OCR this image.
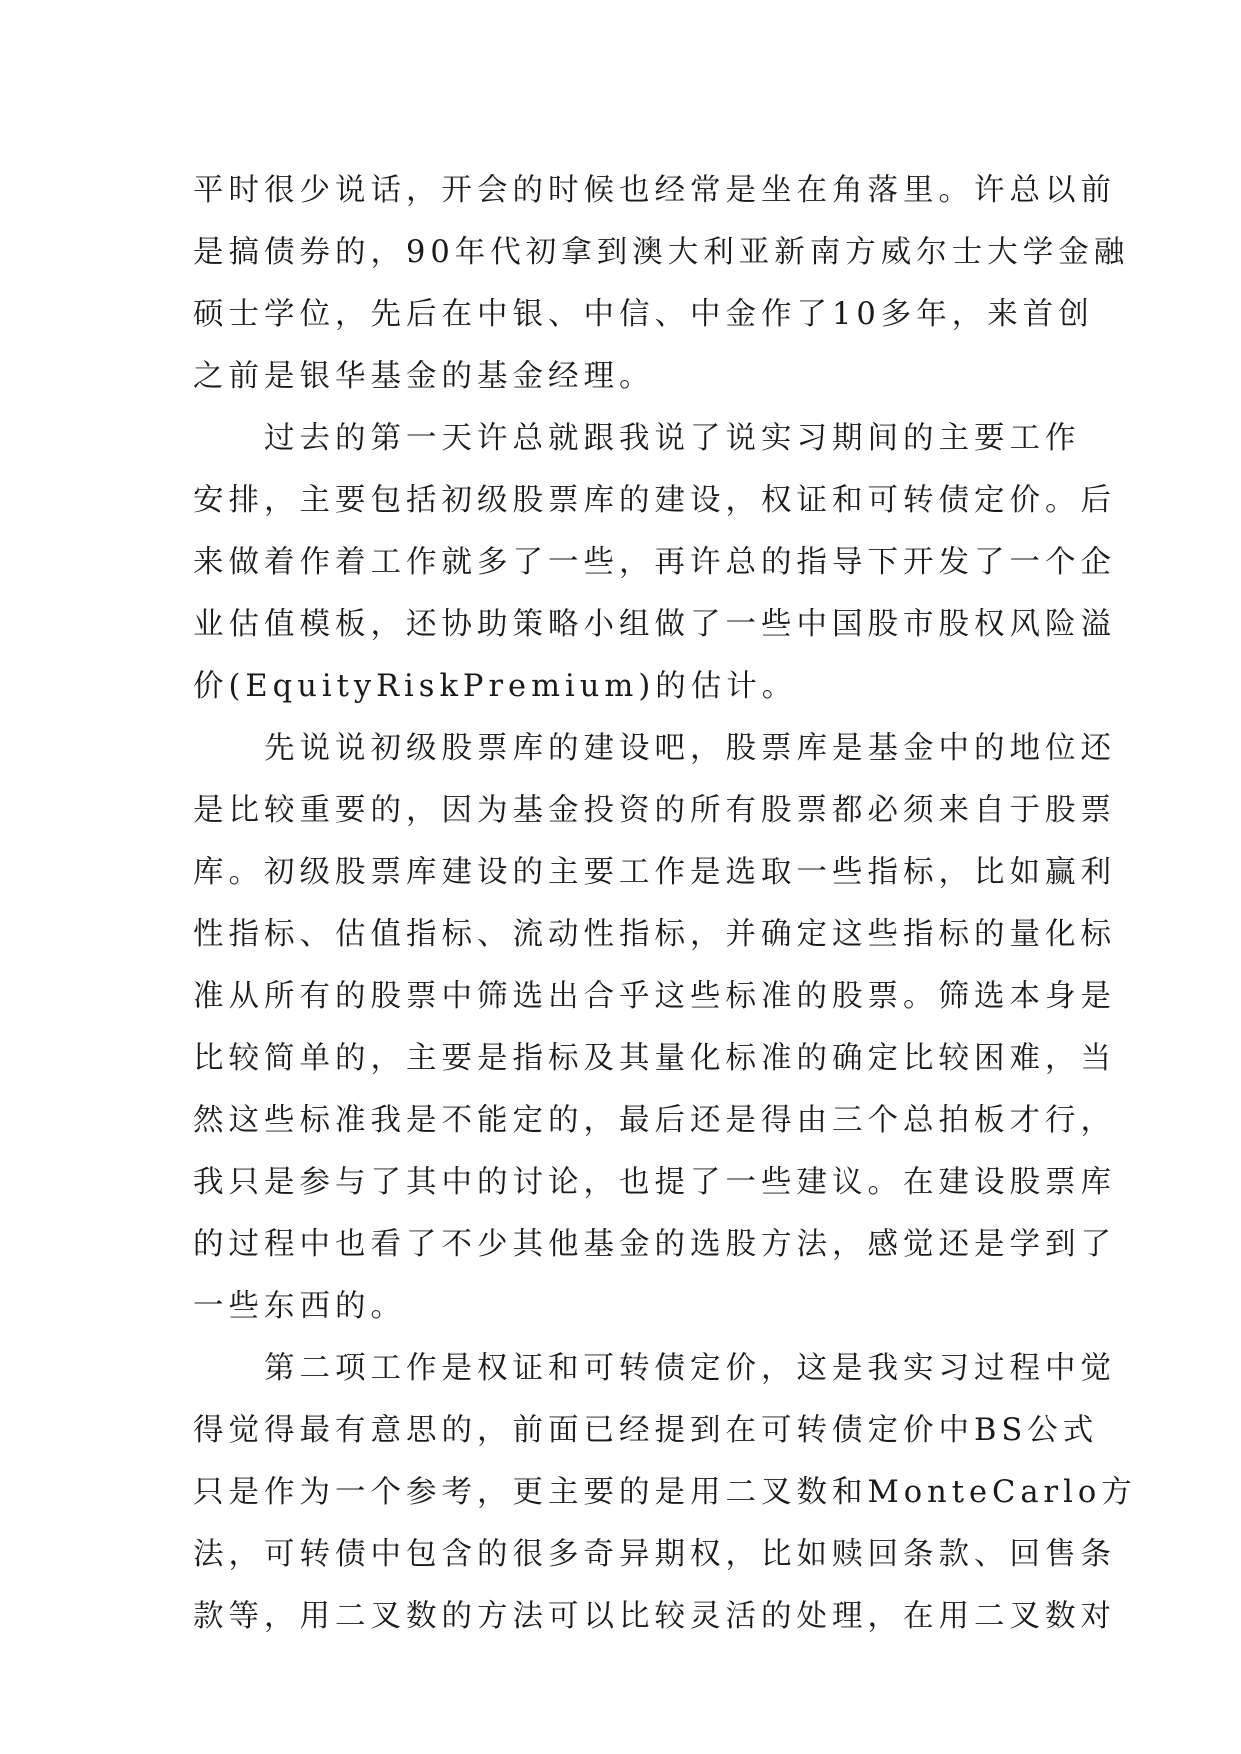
平时很少说话，开会的时候也经常是坐在角落里。许总以前
是搞债券的，90年代初拿到澳大利亚新南方威尔士大学金融
硕士学位，先后在中银、中信、中金作了10多年，来首创
之前是银华基金的基金经理。
　　过去的第一天许总就跟我说了说实习期间的主要工作
安排，主要包括初级股票库的建设，权证和可转债定价。后
来做着作着工作就多了一些，再许总的指导下开发了一个企
业估值模板，还协助策略小组做了一些中国股市股权风险溢
价(EquityRiskPremium)的估计。
　　先说说初级股票库的建设吧，股票库是基金中的地位还
是比较重要的，因为基金投资的所有股票都必须来自于股票
库。初级股票库建设的主要工作是选取一些指标，比如赢利
性指标、估值指标、流动性指标，并确定这些指标的量化标
准从所有的股票中筛选出合乎这些标准的股票。筛选本身是
比较简单的，主要是指标及其量化标准的确定比较困难，当
然这些标准我是不能定的，最后还是得由三个总拍板才行，
我只是参与了其中的讨论，也提了一些建议。在建设股票库
的过程中也看了不少其他基金的选股方法，感觉还是学到了
一些东西的。
　　第二项工作是权证和可转债定价，这是我实习过程中觉
得觉得最有意思的，前面已经提到在可转债定价中BS公式
只是作为一个参考，更主要的是用二叉数和MonteCarlo方
法，可转债中包含的很多奇异期权，比如赎回条款、回售条
款等，用二叉数的方法可以比较灵活的处理，在用二叉数对
